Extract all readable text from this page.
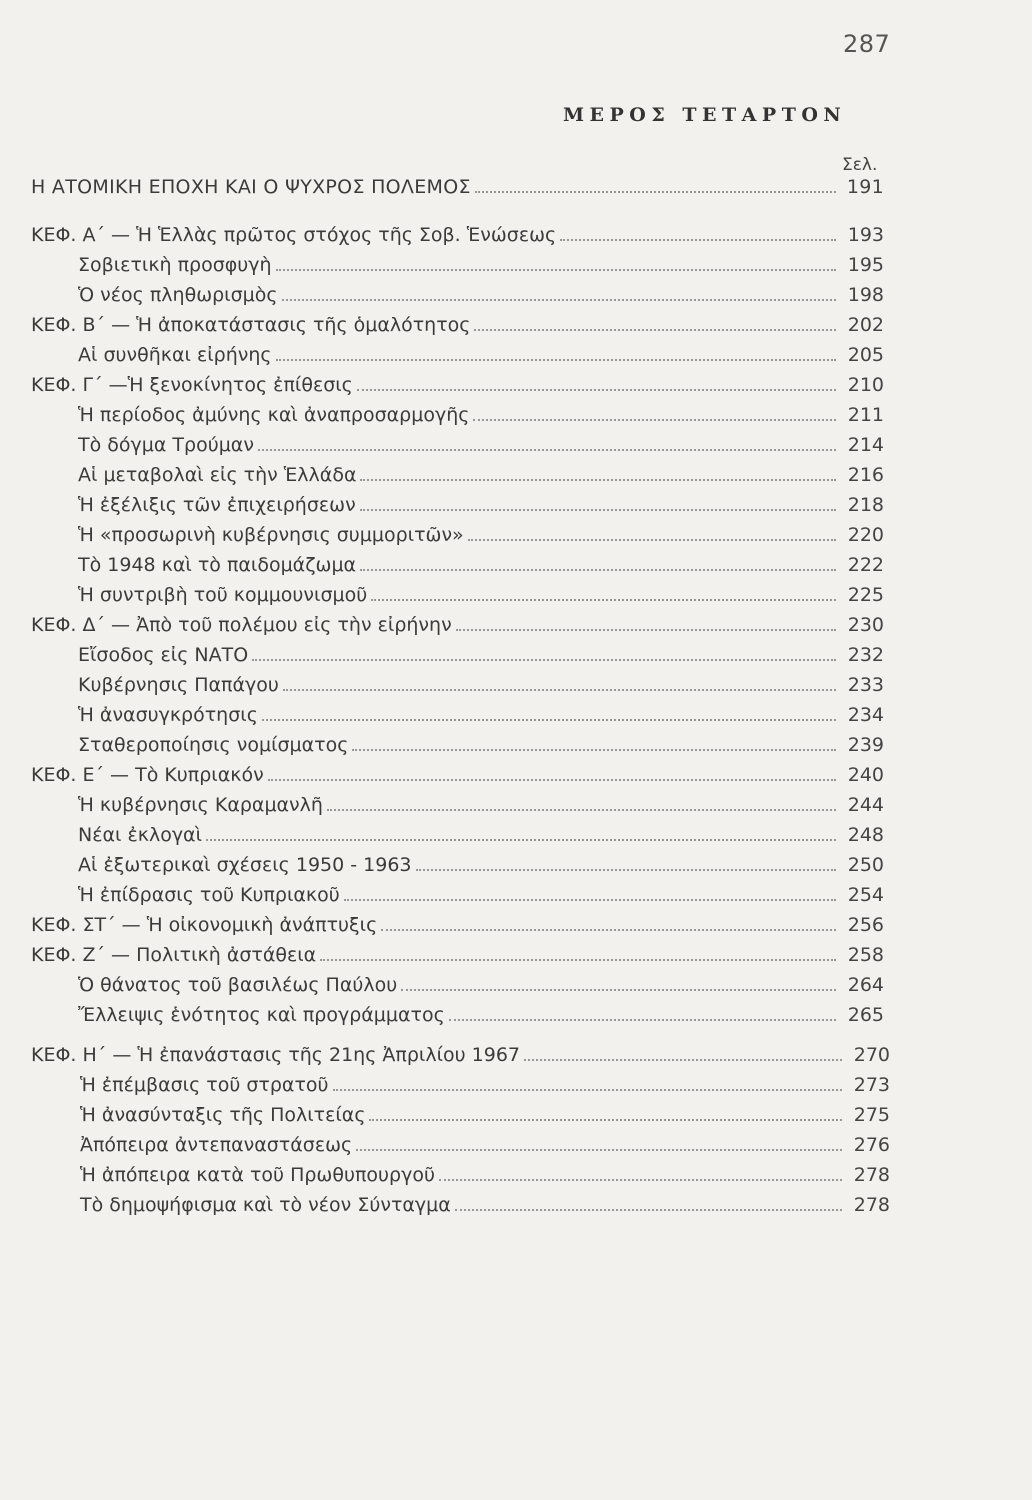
287
ΜΕΡΟΣ ΤΕΤΑΡΤΟΝ
Σελ.
Η ΑΤΟΜΙΚΗ ΕΠΟΧΗ ΚΑΙ Ο ΨΥΧΡΟΣ ΠΟΛΕΜΟΣ	191
ΚΕΦ. Α΄ — Ἡ Ἑλλὰς πρῶτος στόχος τῆς Σοβ. Ἑνώσεως	193
Σοβιετικὴ προσφυγὴ	195
Ὁ νέος πληθωρισμὸς	198
ΚΕΦ. Β΄ — Ἡ ἀποκατάστασις τῆς ὁμαλότητος	202
Αἱ συνθῆκαι εἰρήνης	205
ΚΕΦ. Γ΄ —Ἡ ξενοκίνητος ἐπίθεσις	210
Ἡ περίοδος ἀμύνης καὶ ἀναπροσαρμογῆς	211
Τὸ δόγμα Τρούμαν	214
Αἱ μεταβολαὶ εἰς τὴν Ἑλλάδα	216
Ἡ ἐξέλιξις τῶν ἐπιχειρήσεων	218
Ἡ «προσωρινὴ κυβέρνησις συμμοριτῶν»	220
Τὸ 1948 καὶ τὸ παιδομάζωμα	222
Ἡ συντριβὴ τοῦ κομμουνισμοῦ	225
ΚΕΦ. Δ΄ — Ἀπὸ τοῦ πολέμου εἰς τὴν εἰρήνην	230
Εἴσοδος εἰς ΝΑΤΟ	232
Κυβέρνησις Παπάγου	233
Ἡ ἀνασυγκρότησις	234
Σταθεροποίησις νομίσματος	239
ΚΕΦ. Ε΄ — Τὸ Κυπριακόν	240
Ἡ κυβέρνησις Καραμανλῆ	244
Νέαι ἐκλογαὶ	248
Αἱ ἐξωτερικαὶ σχέσεις 1950 - 1963	250
Ἡ ἐπίδρασις τοῦ Κυπριακοῦ	254
ΚΕΦ. ΣΤ΄ — Ἡ οἰκονομικὴ ἀνάπτυξις	256
ΚΕΦ. Ζ΄ — Πολιτικὴ ἀστάθεια	258
Ὁ θάνατος τοῦ βασιλέως Παύλου	264
Ἔλλειψις ἑνότητος καὶ προγράμματος	265
ΚΕΦ. Η΄ — Ἡ ἐπανάστασις τῆς 21ης Ἀπριλίου 1967	270
Ἡ ἐπέμβασις τοῦ στρατοῦ	273
Ἡ ἀνασύνταξις τῆς Πολιτείας	275
Ἀπόπειρα ἀντεπαναστάσεως	276
Ἡ ἀπόπειρα κατὰ τοῦ Πρωθυπουργοῦ	278
Τὸ δημοψήφισμα καὶ τὸ νέον Σύνταγμα	278
